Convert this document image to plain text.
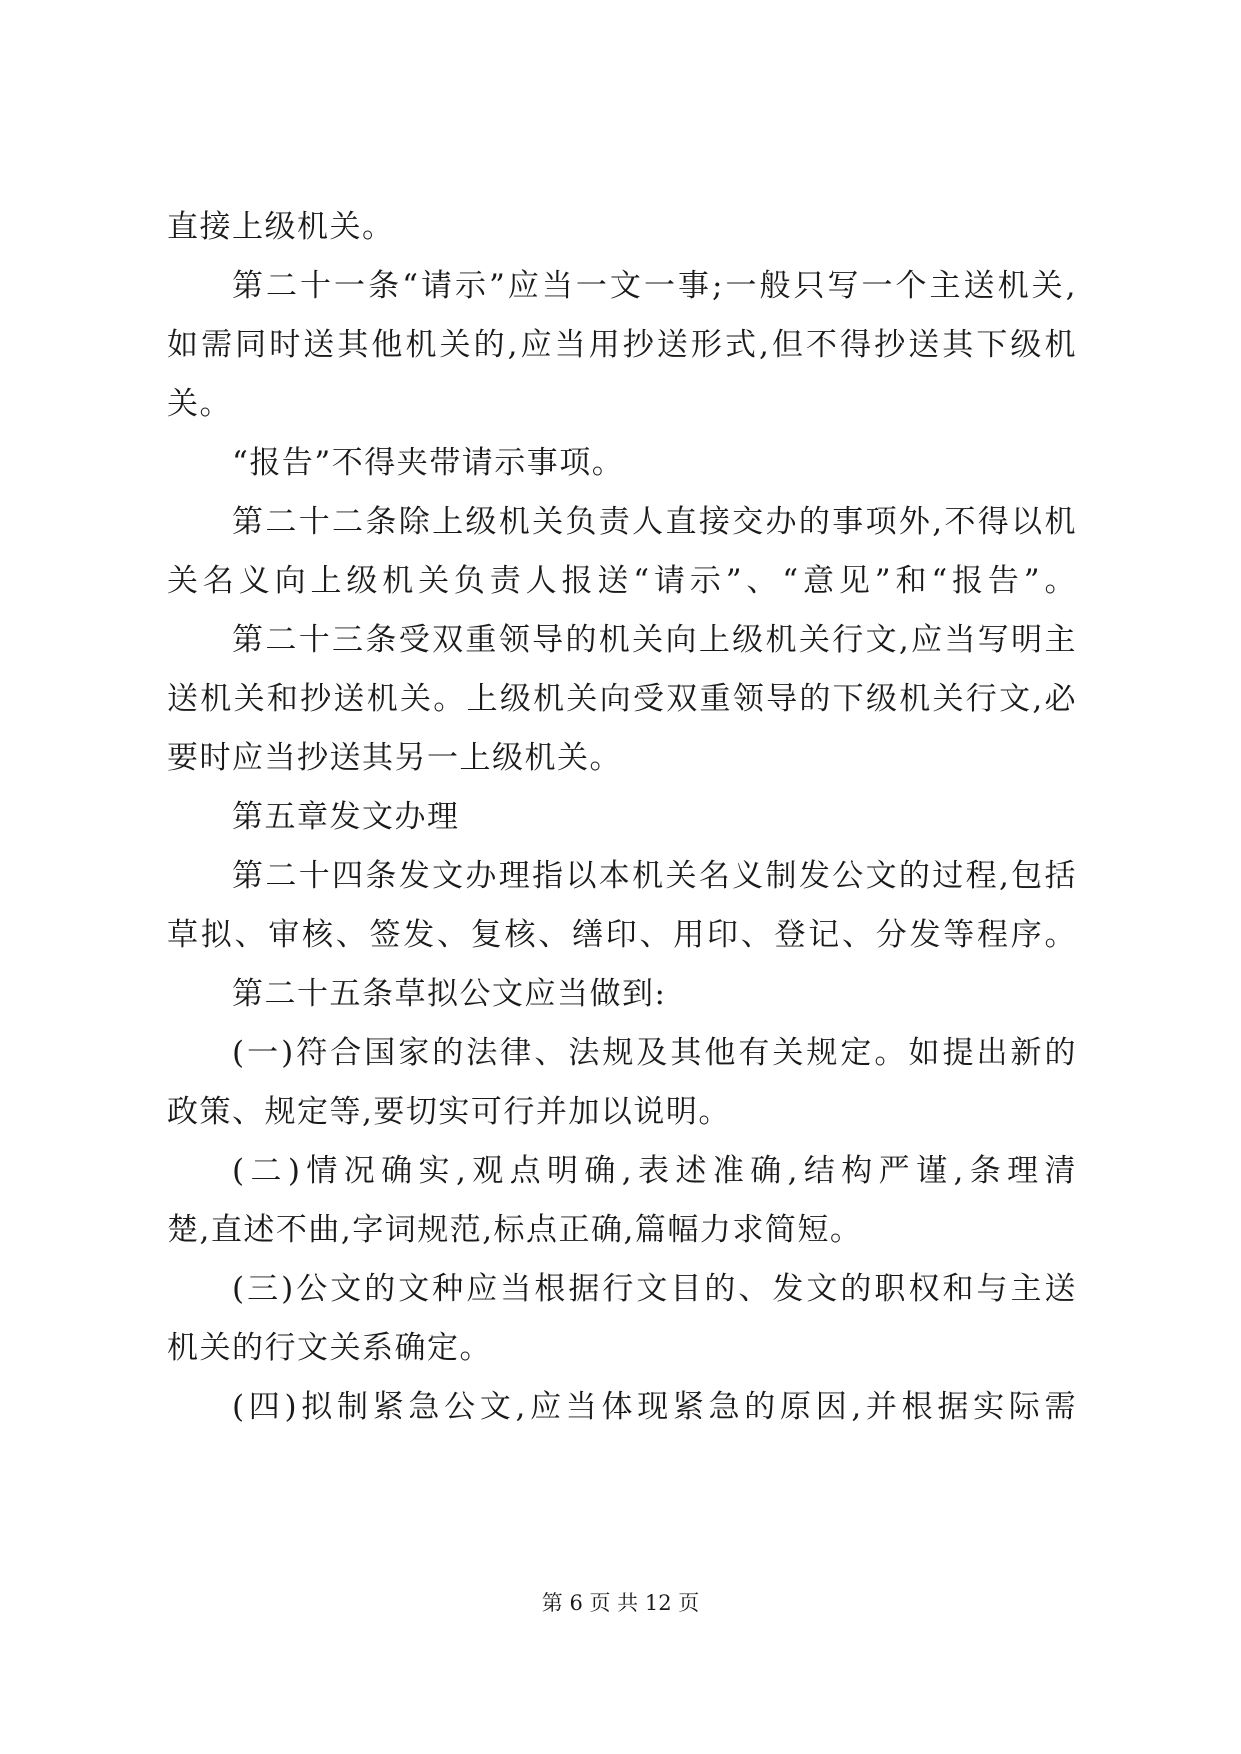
直接上级机关。
第二十一条“请示”应当一文一事;一般只写一个主送机关,
如需同时送其他机关的,应当用抄送形式,但不得抄送其下级机
关。
“报告”不得夹带请示事项。
第二十二条除上级机关负责人直接交办的事项外,不得以机
关名义向上级机关负责人报送“请示”、“意见”和“报告”。
第二十三条受双重领导的机关向上级机关行文,应当写明主
送机关和抄送机关。上级机关向受双重领导的下级机关行文,必
要时应当抄送其另一上级机关。
第五章发文办理
第二十四条发文办理指以本机关名义制发公文的过程,包括
草拟、审核、签发、复核、缮印、用印、登记、分发等程序。
第二十五条草拟公文应当做到:
(一)符合国家的法律、法规及其他有关规定。如提出新的
政策、规定等,要切实可行并加以说明。
(二)情况确实,观点明确,表述准确,结构严谨,条理清
楚,直述不曲,字词规范,标点正确,篇幅力求简短。
(三)公文的文种应当根据行文目的、发文的职权和与主送
机关的行文关系确定。
(四)拟制紧急公文,应当体现紧急的原因,并根据实际需
第 6 页 共 12 页
